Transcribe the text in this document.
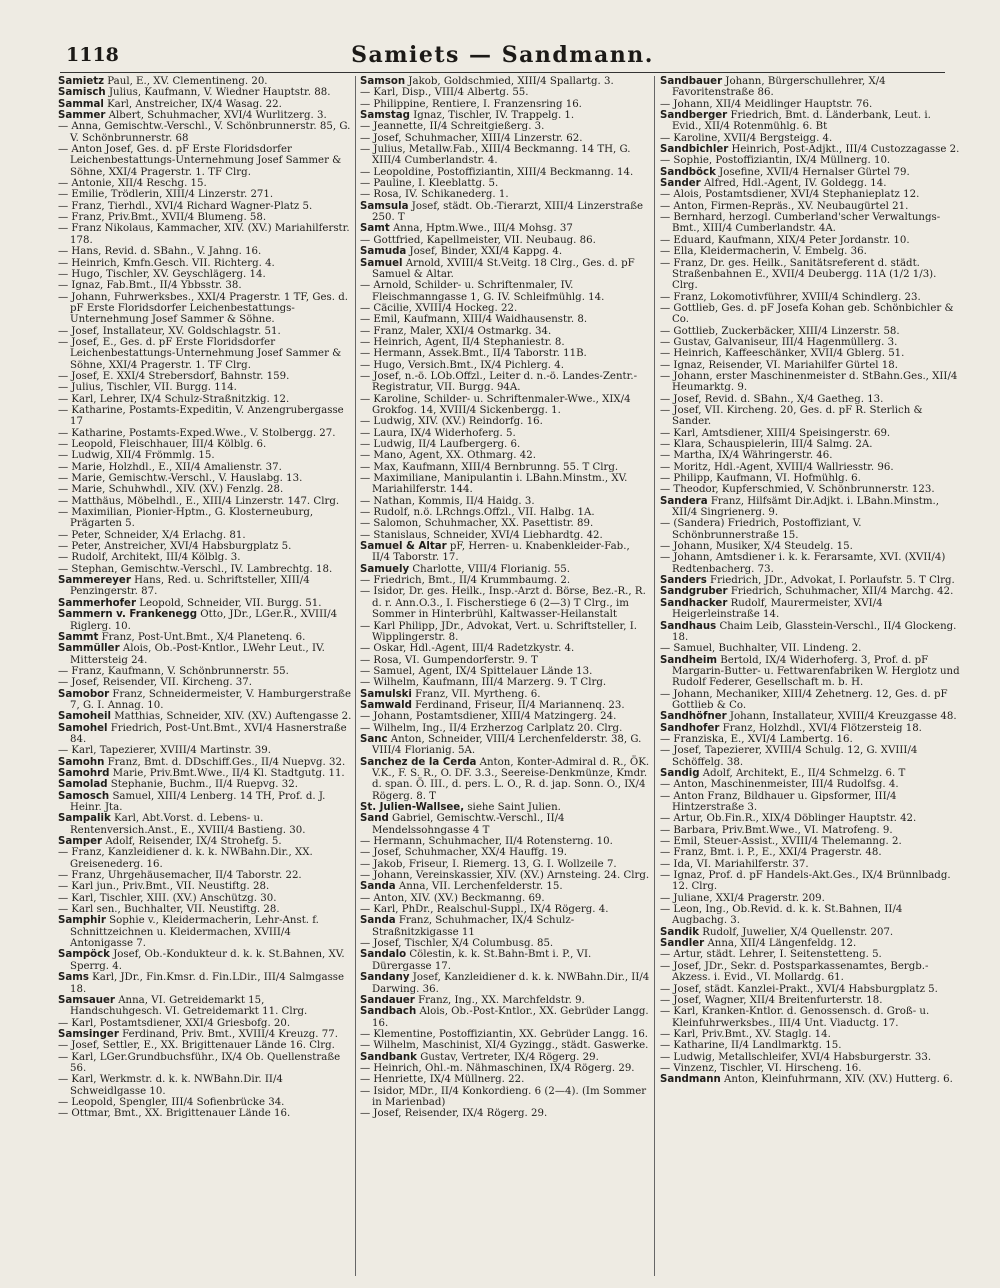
1118	Samiets — Sandmann.
Samietz Paul, E., XV. Clementineng. 20.
Samisch Julius, Kaufmann, V. Wiedner Hauptstr. 88.
Sammal Karl, Anstreicher, IX/4 Wasag. 22.
Sammer Albert, Schuhmacher, XVI/4 Wurlitzerg. 3.
— Anna, Gemischtw.-Verschl., V. Schönbrunnerstr. 85, G. V. Schönbrunnerstr. 68
— Anton Josef, Ges. d. pF Erste Floridsdorfer Leichenbestattungs-Unternehmung Josef Sammer & Söhne, XXI/4 Pragerstr. 1. TF Clrg.
— Antonie, XII/4 Reschg. 15.
— Emilie, Trödlerin, XIII/4 Linzerstr. 271.
— Franz, Tierhdl., XVI/4 Richard Wagner-Platz 5.
— Franz, Priv.Bmt., XVII/4 Blumeng. 58.
— Franz Nikolaus, Kammacher, XIV. (XV.) Mariahilferstr. 178.
— Hans, Revid. d. SBahn., V. Jahng. 16.
— Heinrich, Kmfn.Gesch. VII. Richterg. 4.
— Hugo, Tischler, XV. Geyschlägerg. 14.
— Ignaz, Fab.Bmt., II/4 Ybbsstr. 38.
— Johann, Fuhrwerksbes., XXI/4 Pragerstr. 1 TF, Ges. d. pF Erste Floridsdorfer Leichenbestattungs-Unternehmung Josef Sammer & Söhne.
— Josef, Installateur, XV. Goldschlagstr. 51.
— Josef, E., Ges. d. pF Erste Floridsdorfer Leichenbestattungs-Unternehmung Josef Sammer & Söhne, XXI/4 Pragerstr. 1. TF Clrg.
— Josef, E. XXI/4 Strebersdorf, Bahnstr. 159.
— Julius, Tischler, VII. Burgg. 114.
— Karl, Lehrer, IX/4 Schulz-Straßnitzkig. 12.
— Katharine, Postamts-Expeditin, V. Anzengrubergasse 17
— Katharine, Postamts-Exped.Wwe., V. Stolbergg. 27.
— Leopold, Fleischhauer, III/4 Kölblg. 6.
— Ludwig, XII/4 Frömmlg. 15.
— Marie, Holzhdl., E., XII/4 Amalienstr. 37.
— Marie, Gemischtw.-Verschl., V. Hauslabg. 13.
— Marie, Schuhwhdl., XIV. (XV.) Fenzlg. 28.
— Matthäus, Möbelhdl., E., XIII/4 Linzerstr. 147. Clrg.
— Maximilian, Pionier-Hptm., G. Klosterneuburg, Prägarten 5.
— Peter, Schneider, X/4 Erlachg. 81.
— Peter, Anstreicher, XVI/4 Habsburgplatz 5.
— Rudolf, Architekt, III/4 Kölblg. 3.
— Stephan, Gemischtw.-Verschl., IV. Lambrechtg. 18.
Sammereyer Hans, Red. u. Schriftsteller, XIII/4 Penzingerstr. 87.
Sammerhofer Leopold, Schneider, VII. Burgg. 51.
Sammern v. Frankenegg Otto, JDr., LGer.R., XVIII/4 Riglerg. 10.
Sammt Franz, Post-Unt.Bmt., X/4 Planetenq. 6.
Sammüller Alois, Ob.-Post-Kntlor., LWehr Leut., IV. Mittersteig 24.
— Franz, Kaufmann, V. Schönbrunnerstr. 55.
— Josef, Reisender, VII. Kircheng. 37.
Samobor Franz, Schneidermeister, V. Hamburgerstraße 7, G. I. Annag. 10.
Samoheil Matthias, Schneider, XIV. (XV.) Auftengasse 2.
Samohel Friedrich, Post-Unt.Bmt., XVI/4 Hasnerstraße 84.
— Karl, Tapezierer, XVIII/4 Martinstr. 39.
Samohn Franz, Bmt. d. DDschiff.Ges., II/4 Nuepvg. 32.
Samohrd Marie, Priv.Bmt.Wwe., II/4 Kl. Stadtgutg. 11.
Samolad Stephanie, Buchm., II/4 Ruepvg. 32.
Samosch Samuel, XIII/4 Lenberg. 14 TH, Prof. d. J. Heinr. Jta.
Sampalik Karl, Abt.Vorst. d. Lebens- u. Rentenversich.Anst., E., XVIII/4 Bastieng. 30.
Samper Adolf, Reisender, IX/4 Strohefg. 5.
— Franz, Kanzleidiener d. k. k. NWBahn.Dir., XX. Greisenederg. 16.
— Franz, Uhrgehäusemacher, II/4 Taborstr. 22.
— Karl jun., Priv.Bmt., VII. Neustiftg. 28.
— Karl, Tischler, XIII. (XV.) Anschützg. 30.
— Karl sen., Buchhalter, VII. Neustiftg. 28.
Samphir Sophie v., Kleidermacherin, Lehr-Anst. f. Schnittzeichnen u. Kleidermachen, XVIII/4 Antonigasse 7.
Sampöck Josef, Ob.-Kondukteur d. k. k. St.Bahnen, XV. Sperrg. 4.
Sams Karl, JDr., Fin.Kmsr. d. Fin.LDir., III/4 Salmgasse 18.
Samsauer Anna, VI. Getreidemarkt 15, Handschuhgesch. VI. Getreidemarkt 11. Clrg.
— Karl, Postamtsdiener, XXI/4 Griesbofg. 20.
Samsinger Ferdinand, Priv. Bmt., XVIII/4 Kreuzg. 77.
— Josef, Settler, E., XX. Brigittenauer Lände 16. Clrg.
— Karl, LGer.Grundbuchsführ., IX/4 Ob. Quellenstraße 56.
— Karl, Werkmstr. d. k. k. NWBahn.Dir. II/4 Schweidlgasse 10.
— Leopold, Spengler, III/4 Sofienbrücke 34.
— Ottmar, Bmt., XX. Brigittenauer Lände 16.
Samson Jakob, Goldschmied, XIII/4 Spallartg. 3.
— Karl, Disp., VIII/4 Albertg. 55.
— Philippine, Rentiere, I. Franzensring 16.
Samstag Ignaz, Tischler, IV. Trappelg. 1.
— Jeannette, II/4 Schreitgießerg. 3.
— Josef, Schuhmacher, XIII/4 Linzerstr. 62.
— Julius, Metallw.Fab., XIII/4 Beckmanng. 14 TH, G. XIII/4 Cumberlandstr. 4.
— Leopoldine, Postoffiziantin, XIII/4 Beckmanng. 14.
— Pauline, I. Kleeblattg. 5.
— Rosa, IV. Schikanederg. 1.
Samsula Josef, städt. Ob.-Tierarzt, XIII/4 Linzerstraße 250. T
Samt Anna, Hptm.Wwe., III/4 Mohsg. 37
— Gottfried, Kapellmeister, VII. Neubaug. 86.
Samuda Josef, Binder, XXI/4 Kappg. 4.
Samuel Arnold, XVIII/4 St.Veitg. 18 Clrg., Ges. d. pF Samuel & Altar.
— Arnold, Schilder- u. Schriftenmaler, IV. Fleischmanngasse 1, G. IV. Schleifmühlg. 14.
— Cäcilie, XVIII/4 Hockeg. 22.
— Emil, Kaufmann, XIII/4 Waidhausenstr. 8.
— Franz, Maler, XXI/4 Ostmarkg. 34.
— Heinrich, Agent, II/4 Stephaniestr. 8.
— Hermann, Assek.Bmt., II/4 Taborstr. 11B.
— Hugo, Versich.Bmt., IX/4 Pichlerg. 4.
— Josef, n.-ö. LOb.Offzl., Leiter d. n.-ö. Landes-Zentr.-Registratur, VII. Burgg. 94A.
— Karoline, Schilder- u. Schriftenmaler-Wwe., XIX/4 Grokfog. 14, XVIII/4 Sickenbergg. 1.
— Ludwig, XIV. (XV.) Reindorfg. 16.
— Laura, IX/4 Widerhoferg. 5.
— Ludwig, II/4 Laufbergerg. 6.
— Mano, Agent, XX. Othmarg. 42.
— Max, Kaufmann, XIII/4 Bernbrunng. 55. T Clrg.
— Maximiliane, Manipulantin i. LBahn.Minstm., XV. Mariahilferstr. 144.
— Nathan, Kommis, II/4 Haidg. 3.
— Rudolf, n.ö. LRchngs.Offzl., VII. Halbg. 1A.
— Salomon, Schuhmacher, XX. Pasettistr. 89.
— Stanislaus, Schneider, XVI/4 Liebhardtg. 42.
Samuel & Altar pF, Herren- u. Knabenkleider-Fab., II/4 Taborstr. 17.
Samuely Charlotte, VIII/4 Florianig. 55.
— Friedrich, Bmt., II/4 Krummbaumg. 2.
— Isidor, Dr. ges. Heilk., Insp.-Arzt d. Börse, Bez.-R., R. d. r. Ann.O.3., I. Fischerstiege 6 (2—3) T Clrg., im Sommer in Hinterbrühl, Kaltwasser-Heilanstalt
— Karl Philipp, JDr., Advokat, Vert. u. Schriftsteller, I. Wipplingerstr. 8.
— Oskar, Hdl.-Agent, III/4 Radetzkystr. 4.
— Rosa, VI. Gumpendorferstr. 9. T
— Samuel, Agent, IX/4 Spittelauer Lände 13.
— Wilhelm, Kaufmann, III/4 Marzerg. 9. T Clrg.
Samulski Franz, VII. Myrtheng. 6.
Samwald Ferdinand, Friseur, II/4 Mariannenq. 23.
— Johann, Postamtsdiener, XIII/4 Matzingerg. 24.
— Wilhelm, Ing., II/4 Erzherzog Carlplatz 20. Clrg.
Sanc Anton, Schneider, VIII/4 Lerchenfelderstr. 38, G. VIII/4 Florianig. 5A.
Sanchez de la Cerda Anton, Konter-Admiral d. R., ÖK. V.K., F. S. R., O. DF. 3.3., Seereise-Denkmünze, Kmdr. d. span. Ö. III., d. pers. L. O., R. d. jap. Sonn. O., IX/4 Rögerg. 8. T
St. Julien-Wallsee, siehe Saint Julien.
Sand Gabriel, Gemischtw.-Verschl., II/4 Mendelssohngasse 4 T
— Hermann, Schuhmacher, II/4 Rotensterng. 10.
— Josef, Schuhmacher, XX/4 Hauffg. 19.
— Jakob, Friseur, I. Riemerg. 13, G. I. Wollzeile 7.
— Johann, Vereinskassier, XIV. (XV.) Arnsteing. 24. Clrg.
Sanda Anna, VII. Lerchenfelderstr. 15.
— Anton, XIV. (XV.) Beckmanng. 69.
— Karl, PhDr., Realschul-Suppl., IX/4 Rögerg. 4.
Sanda Franz, Schuhmacher, IX/4 Schulz-Straßnitzkigasse 11
— Josef, Tischler, X/4 Columbusg. 85.
Sandalo Cölestin, k. k. St.Bahn-Bmt i. P., VI. Dürergasse 17.
Sandany Josef, Kanzleidiener d. k. k. NWBahn.Dir., II/4 Darwing. 36.
Sandauer Franz, Ing., XX. Marchfeldstr. 9.
Sandbach Alois, Ob.-Post-Kntlor., XX. Gebrüder Langg. 16.
— Klementine, Postoffiziantin, XX. Gebrüder Langg. 16.
— Wilhelm, Maschinist, XI/4 Gyzingg., städt. Gaswerke.
Sandbank Gustav, Vertreter, IX/4 Rögerg. 29.
— Heinrich, Ohl.-m. Nähmaschinen, IX/4 Rögerg. 29.
— Henriette, IX/4 Müllnerg. 22.
— Isidor, MDr., II/4 Konkordieng. 6 (2—4). (Im Sommer in Marienbad)
— Josef, Reisender, IX/4 Rögerg. 29.
Sandbauer Johann, Bürgerschullehrer, X/4 Favoritenstraße 86.
— Johann, XII/4 Meidlinger Hauptstr. 76.
Sandberger Friedrich, Bmt. d. Länderbank, Leut. i. Evid., XII/4 Rotenmühlg. 6. Bt
— Karoline, XVII/4 Bergsteigg. 4.
Sandbichler Heinrich, Post-Adjkt., III/4 Custozzagasse 2.
— Sophie, Postoffiziantin, IX/4 Müllnerg. 10.
Sandböck Josefine, XVII/4 Hernalser Gürtel 79.
Sander Alfred, Hdl.-Agent, IV. Goldegg. 14.
— Alois, Postamtsdiener, XVI/4 Stephanieplatz 12.
— Anton, Firmen-Repräs., XV. Neubaugürtel 21.
— Bernhard, herzogl. Cumberland'scher Verwaltungs-Bmt., XIII/4 Cumberlandstr. 4A.
— Eduard, Kaufmann, XIX/4 Peter Jordanstr. 10.
— Ella, Kleidermacherin, V. Embelg. 36.
— Franz, Dr. ges. Heilk., Sanitätsreferent d. städt. Straßenbahnen E., XVII/4 Deubergg. 11A (1/2 1/3). Clrg.
— Franz, Lokomotivführer, XVIII/4 Schindlerg. 23.
— Gottlieb, Ges. d. pF Josefa Kohan geb. Schönbichler & Co.
— Gottlieb, Zuckerbäcker, XIII/4 Linzerstr. 58.
— Gustav, Galvaniseur, III/4 Hagenmüllerg. 3.
— Heinrich, Kaffeeschänker, XVII/4 Gblerg. 51.
— Ignaz, Reisender, VI. Mariahilfer Gürtel 18.
— Johann, erster Maschinenmeister d. StBahn.Ges., XII/4 Heumarktg. 9.
— Josef, Revid. d. SBahn., X/4 Gaetheg. 13.
— Josef, VII. Kircheng. 20, Ges. d. pF R. Sterlich & Sander.
— Karl, Amtsdiener, XIII/4 Speisingerstr. 69.
— Klara, Schauspielerin, III/4 Salmg. 2A.
— Martha, IX/4 Währingerstr. 46.
— Moritz, Hdl.-Agent, XVIII/4 Wallriesstr. 96.
— Philipp, Kaufmann, VI. Hofmühlg. 6.
— Theodor, Kupferschmied, V. Schönbrunnerstr. 123.
Sandera Franz, Hilfsämt Dir.Adjkt. i. LBahn.Minstm., XII/4 Singrienerg. 9.
— (Sandera) Friedrich, Postoffiziant, V. Schönbrunnerstraße 15.
— Johann, Musiker, X/4 Steudelg. 15.
— Johann, Amtsdiener i. k. k. Ferarsamte, XVI. (XVII/4) Redtenbacherg. 73.
Sanders Friedrich, JDr., Advokat, I. Porlaufstr. 5. T Clrg.
Sandgruber Friedrich, Schuhmacher, XII/4 Marchg. 42.
Sandhacker Rudolf, Maurermeister, XVI/4 Heigerleinstraße 14.
Sandhaus Chaim Leib, Glasstein-Verschl., II/4 Glockeng. 18.
— Samuel, Buchhalter, VII. Lindeng. 2.
Sandheim Bertold, IX/4 Widerhoferg. 3, Prof. d. pF Margarin-Butter- u. Fettwarenfabriken W. Herglotz und Rudolf Federer, Gesellschaft m. b. H.
— Johann, Mechaniker, XIII/4 Zehetnerg. 12, Ges. d. pF Gottlieb & Co.
Sandhöfner Johann, Installateur, XVIII/4 Kreuzgasse 48.
Sandhofer Franz, Holzhdl., XVI/4 Flötzersteig 18.
— Franziska, E., XVI/4 Lambertg. 16.
— Josef, Tapezierer, XVIII/4 Schulg. 12, G. XVIII/4 Schöffelg. 38.
Sandig Adolf, Architekt, E., II/4 Schmelzg. 6. T
— Anton, Maschinenmeister, III/4 Rudolfsg. 4.
— Anton Franz, Bildhauer u. Gipsformer, III/4 Hintzerstraße 3.
— Artur, Ob.Fin.R., XIX/4 Döblinger Hauptstr. 42.
— Barbara, Priv.Bmt.Wwe., VI. Matrofeng. 9.
— Emil, Steuer-Assist., XVIII/4 Thelemanng. 2.
— Franz, Bmt. i. P., E., XXI/4 Pragerstr. 48.
— Ida, VI. Mariahilferstr. 37.
— Ignaz, Prof. d. pF Handels-Akt.Ges., IX/4 Brünnlbadg. 12. Clrg.
— Juliane, XXI/4 Pragerstr. 209.
— Leon, Ing., Ob.Revid. d. k. k. St.Bahnen, II/4 Augbachg. 3.
Sandik Rudolf, Juwelier, X/4 Quellenstr. 207.
Sandler Anna, XII/4 Längenfeldg. 12.
— Artur, städt. Lehrer, I. Seitenstetteng. 5.
— Josef, JDr., Sekr. d. Postsparkassenamtes, Bergb.-Akzess. i. Evid., VI. Mollardg. 61.
— Josef, städt. Kanzlei-Prakt., XVI/4 Habsburgplatz 5.
— Josef, Wagner, XII/4 Breitenfurterstr. 18.
— Karl, Kranken-Kntlor. d. Genossensch. d. Groß- u. Kleinfuhrwerksbes., III/4 Unt. Viaductg. 17.
— Karl, Priv.Bmt., XV. Staglg. 14.
— Katharine, II/4 Landlmarktg. 15.
— Ludwig, Metallschleifer, XVI/4 Habsburgerstr. 33.
— Vinzenz, Tischler, VI. Hirscheng. 16.
Sandmann Anton, Kleinfuhrmann, XIV. (XV.) Hutterg. 6.
